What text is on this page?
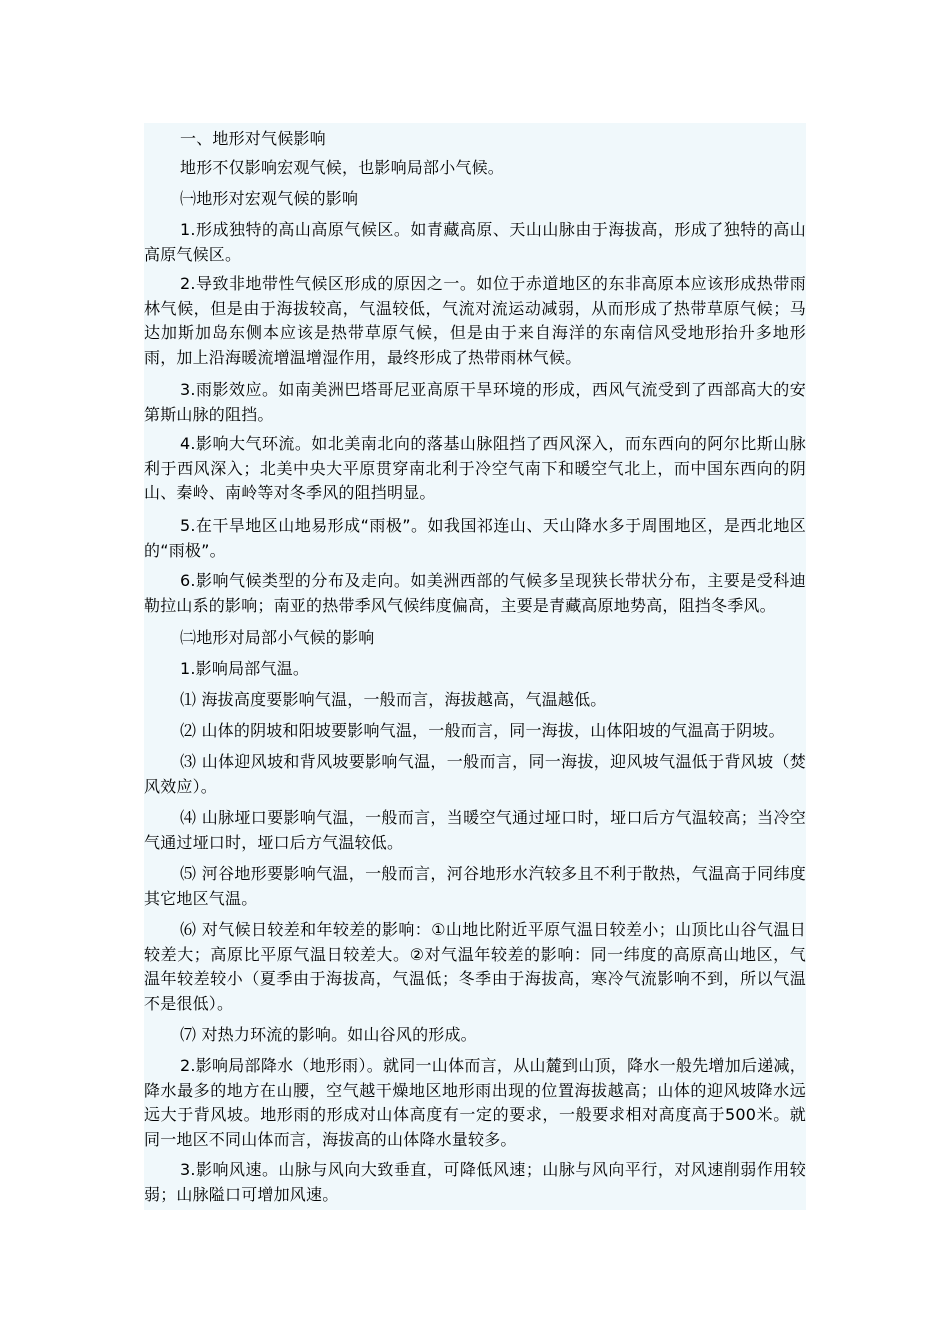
一、地形对气候影响

地形不仅影响宏观气候，也影响局部小气候。

㈠地形对宏观气候的影响

1.形成独特的高山高原气候区。如青藏高原、天山山脉由于海拔高，形成了独特的高山高原气候区。

2.导致非地带性气候区形成的原因之一。如位于赤道地区的东非高原本应该形成热带雨林气候，但是由于海拔较高，气温较低，气流对流运动减弱，从而形成了热带草原气候；马达加斯加岛东侧本应该是热带草原气候，但是由于来自海洋的东南信风受地形抬升多地形雨，加上沿海暖流增温增湿作用，最终形成了热带雨林气候。

3.雨影效应。如南美洲巴塔哥尼亚高原干旱环境的形成，西风气流受到了西部高大的安第斯山脉的阻挡。

4.影响大气环流。如北美南北向的落基山脉阻挡了西风深入，而东西向的阿尔比斯山脉利于西风深入；北美中央大平原贯穿南北利于冷空气南下和暖空气北上，而中国东西向的阴山、秦岭、南岭等对冬季风的阻挡明显。

5.在干旱地区山地易形成“雨极”。如我国祁连山、天山降水多于周围地区，是西北地区的“雨极”。

6.影响气候类型的分布及走向。如美洲西部的气候多呈现狭长带状分布，主要是受科迪勒拉山系的影响；南亚的热带季风气候纬度偏高，主要是青藏高原地势高，阻挡冬季风。

㈡地形对局部小气候的影响

1.影响局部气温。

⑴ 海拔高度要影响气温，一般而言，海拔越高，气温越低。

⑵ 山体的阴坡和阳坡要影响气温，一般而言，同一海拔，山体阳坡的气温高于阴坡。

⑶ 山体迎风坡和背风坡要影响气温，一般而言，同一海拔，迎风坡气温低于背风坡（焚风效应）。

⑷ 山脉垭口要影响气温，一般而言，当暖空气通过垭口时，垭口后方气温较高；当冷空气通过垭口时，垭口后方气温较低。

⑸ 河谷地形要影响气温，一般而言，河谷地形水汽较多且不利于散热，气温高于同纬度其它地区气温。

⑹ 对气候日较差和年较差的影响：①山地比附近平原气温日较差小；山顶比山谷气温日较差大；高原比平原气温日较差大。②对气温年较差的影响：同一纬度的高原高山地区，气温年较差较小（夏季由于海拔高，气温低；冬季由于海拔高，寒冷气流影响不到，所以气温不是很低）。

⑺ 对热力环流的影响。如山谷风的形成。

2.影响局部降水（地形雨）。就同一山体而言，从山麓到山顶，降水一般先增加后递减，降水最多的地方在山腰，空气越干燥地区地形雨出现的位置海拔越高；山体的迎风坡降水远远大于背风坡。地形雨的形成对山体高度有一定的要求，一般要求相对高度高于500米。就同一地区不同山体而言，海拔高的山体降水量较多。

3.影响风速。山脉与风向大致垂直，可降低风速；山脉与风向平行，对风速削弱作用较弱；山脉隘口可增加风速。
